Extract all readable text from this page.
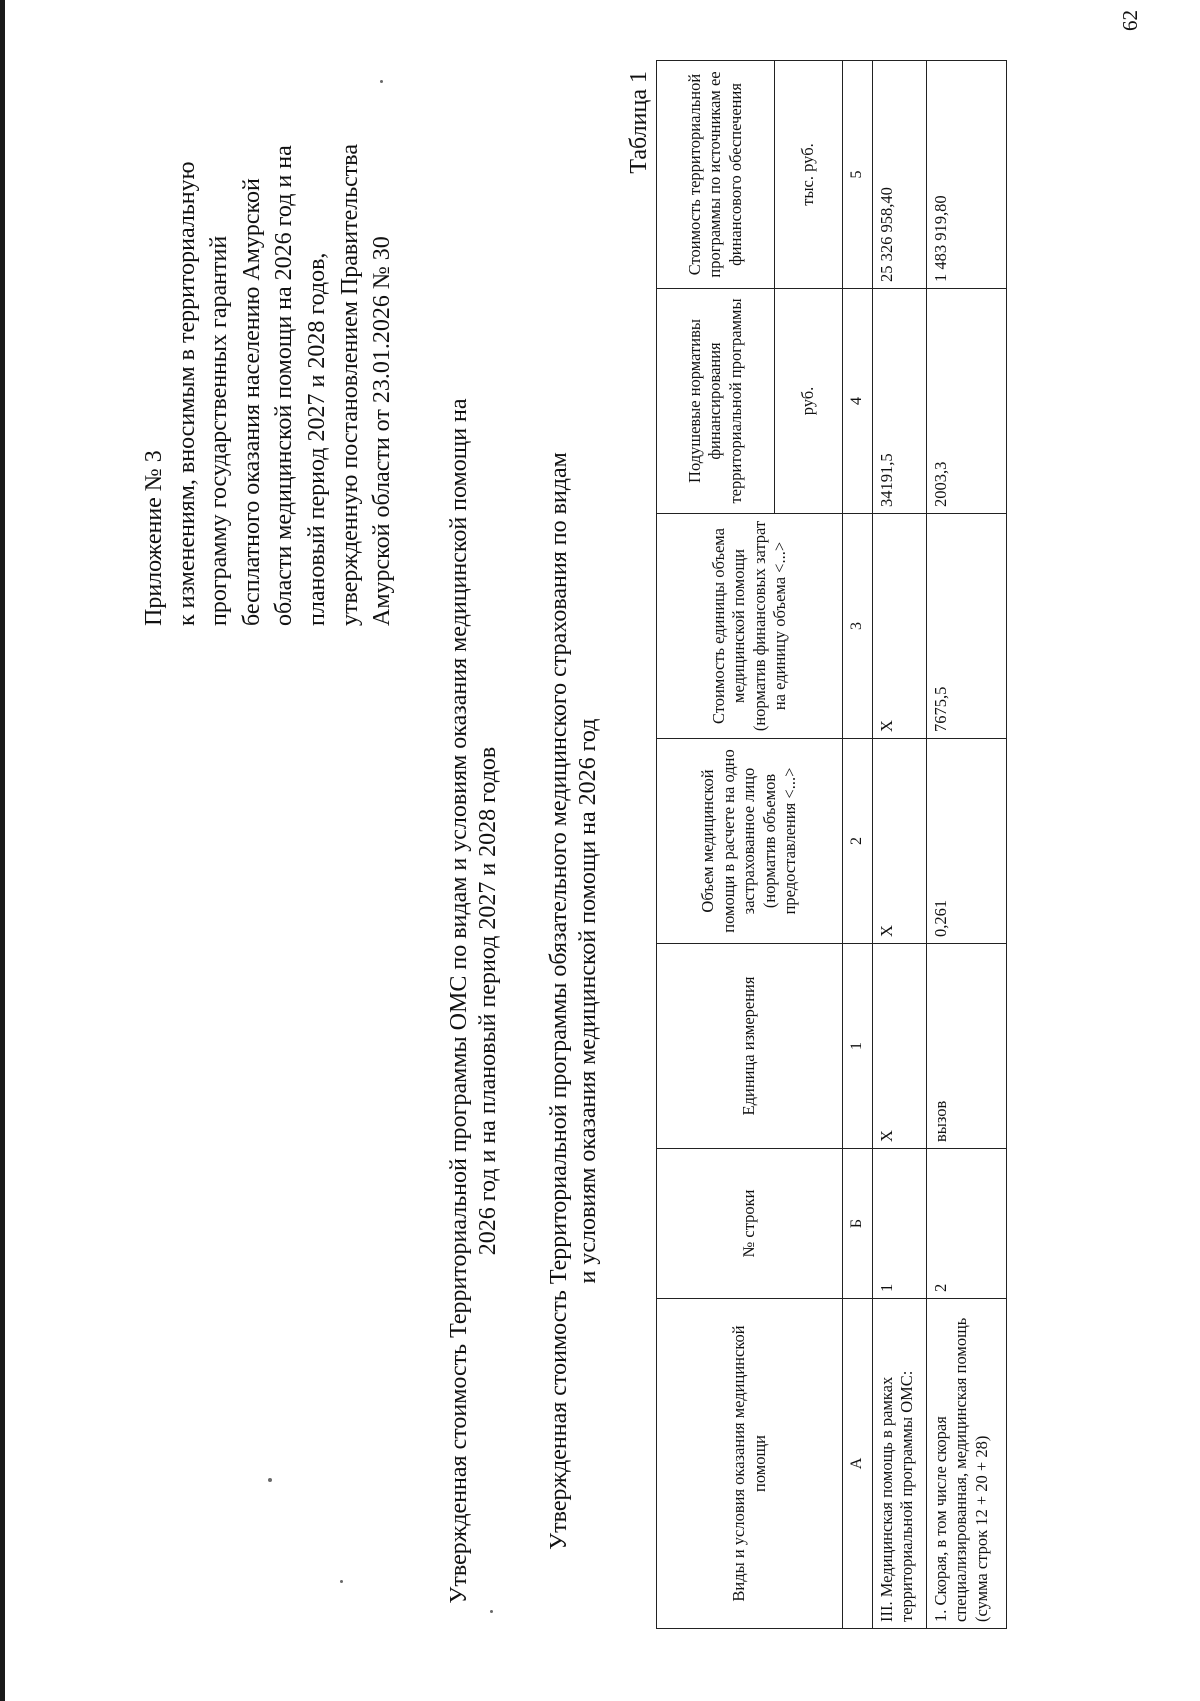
62

Приложение № 3 к изменениям, вносимым в территориальную программу государственных гарантий бесплатного оказания населению Амурской области медицинской помощи на 2026 год и на плановый период 2027 и 2028 годов, утвержденную постановлением Правительства Амурской области от 23.01.2026 № 30 Утвержденная стоимость Территориальной программы ОМС по видам и условиям оказания медицинской помощи на 2026 год и на плановый период 2027 и 2028 годов Утвержденная стоимость Территориальной программы обязательного медицинского страхования по видам и условиям оказания медицинской помощи на 2026 год
Таблица 1
Виды и условия оказания медицинской помощи	№ строки	Единица измерения	Объем медицинской помощи в расчете на одно застрахованное лицо (норматив объемов предоставления <...>	Стоимость единицы объема медицинской помощи (норматив финансовых затрат на единицу объема <...>	Подушевые нормативы финансирования территориальной программы	Стоимость территориальной программы по источникам ее финансового обеспечения
					руб.	тыс. руб.
А	Б	1	2	3	4	5
III. Медицинская помощь в рамках территориальной программы ОМС:	1	Х	Х	Х	34191,5	25 326 958,40
1. Скорая, в том числе скорая специализированная, медицинская помощь (сумма строк 12 + 20 + 28)	2	вызов	0,261	7675,5	2003,3	1 483 919,80
